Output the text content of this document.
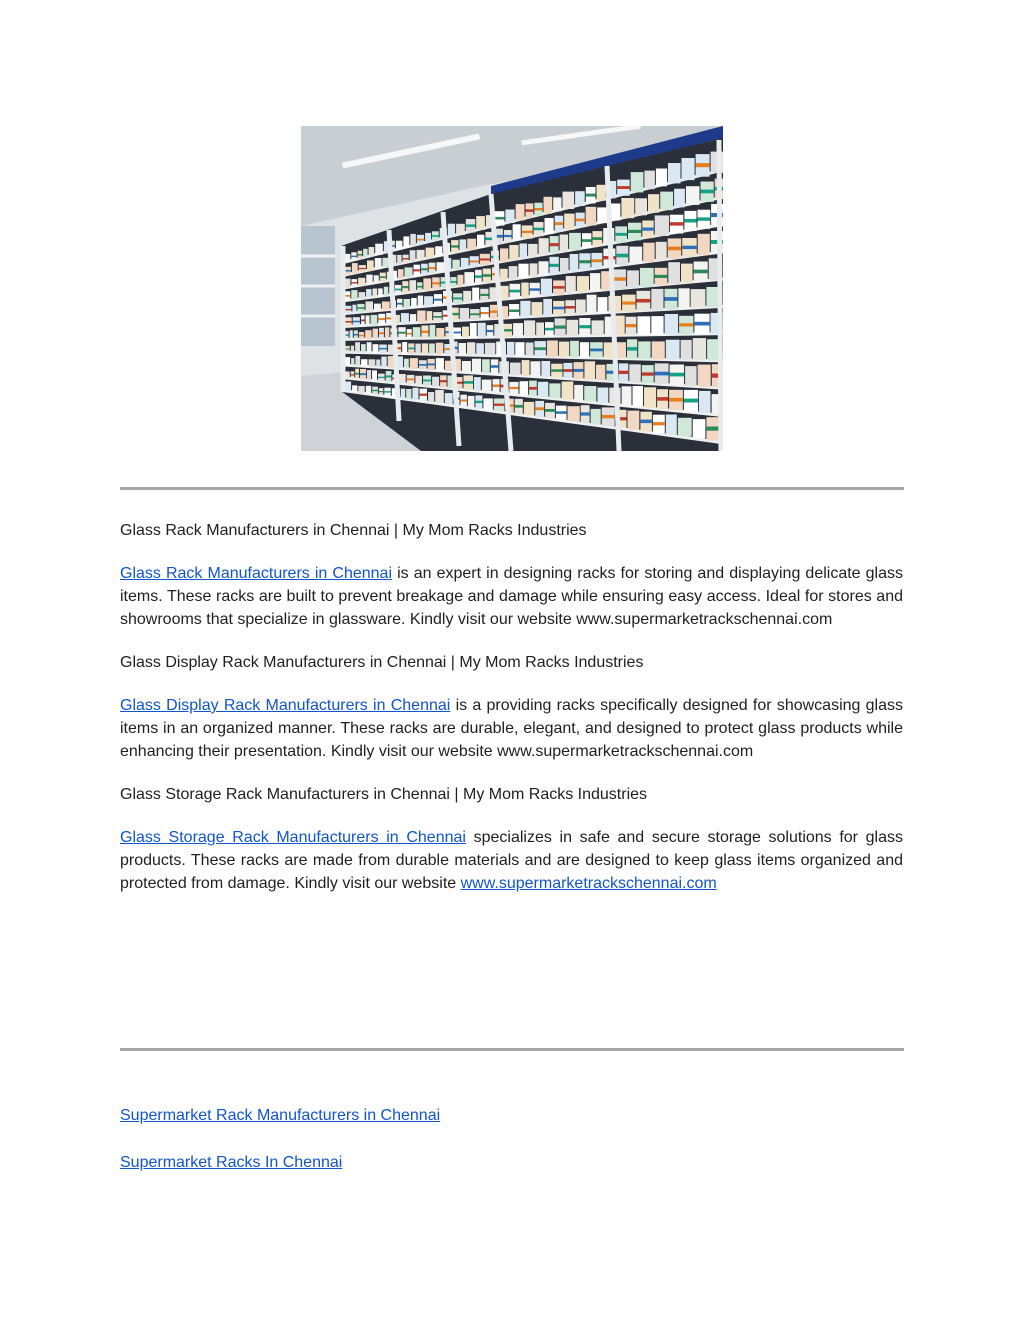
Glass Rack Manufacturers in Chennai | My Mom Racks Industries

Glass Rack Manufacturers in Chennai is an expert in designing racks for storing and displaying delicate glass items. These racks are built to prevent breakage and damage while ensuring easy access. Ideal for stores and showrooms that specialize in glassware. Kindly visit our website www.supermarketrackschennai.com

Glass Display Rack Manufacturers in Chennai | My Mom Racks Industries

Glass Display Rack Manufacturers in Chennai is a providing racks specifically designed for showcasing glass items in an organized manner. These racks are durable, elegant, and designed to protect glass products while enhancing their presentation. Kindly visit our website www.supermarketrackschennai.com

Glass Storage Rack Manufacturers in Chennai | My Mom Racks Industries

Glass Storage Rack Manufacturers in Chennai specializes in safe and secure storage solutions for glass products. These racks are made from durable materials and are designed to keep glass items organized and protected from damage. Kindly visit our website www.supermarketrackschennai.com

Supermarket Rack Manufacturers in Chennai

Supermarket Racks In Chennai
